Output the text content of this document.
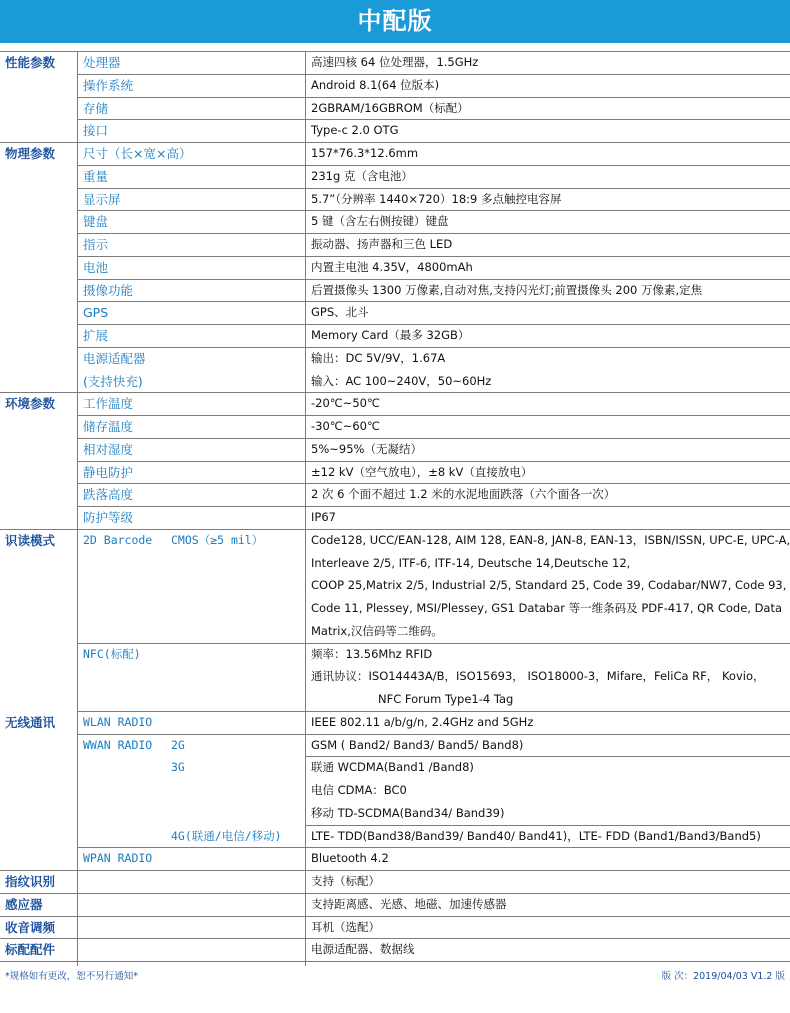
中配版
性能参数 处理器	高速四核 64 位处理器，1.5GHz
操作系统	Android 8.1(64 位版本)
存储	2GBRAM/16GBROM（标配）
接口	Type-c 2.0 OTG
物理参数 尺寸（长×宽×高）	157*76.3*12.6mm
重量	231g 克（含电池）
显示屏	5.7”（分辨率 1440×720）18:9 多点触控电容屏
键盘	5 键（含左右侧按键）键盘
指示	振动器、扬声器和三色 LED
电池	内置主电池 4.35V，4800mAh
摄像功能	后置摄像头 1300 万像素,自动对焦,支持闪光灯;前置摄像头 200 万像素,定焦
GPS	GPS、北斗
扩展	Memory Card（最多 32GB）
电源适配器	输出：DC 5V/9V，1.67A
(支持快充)	输入：AC 100~240V，50~60Hz
环境参数 工作温度	-20℃~50℃
储存温度	-30℃~60℃
相对湿度	5%~95%（无凝结）
静电防护	±12 kV（空气放电），±8 kV（直接放电）
跌落高度	2 次 6 个面不超过 1.2 米的水泥地面跌落（六个面各一次）
防护等级	IP67
识读模式 2D Barcode CMOS（≥5 mil）	Code128, UCC/EAN-128, AIM 128, EAN-8, JAN-8, EAN-13，ISBN/ISSN, UPC-E, UPC-A,
Interleave 2/5, ITF-6, ITF-14, Deutsche 14,Deutsche 12,
COOP 25,Matrix 2/5, Industrial 2/5, Standard 25, Code 39, Codabar/NW7, Code 93,
Code 11, Plessey, MSI/Plessey, GS1 Databar 等一维条码及 PDF-417, QR Code, Data
Matrix,汉信码等二维码。
NFC(标配)	频率：13.56Mhz RFID
通讯协议：ISO14443A/B，ISO15693， ISO18000-3，Mifare，FeliCa RF， Kovio，
NFC Forum Type1-4 Tag
无线通讯 WLAN RADIO	IEEE 802.11 a/b/g/n, 2.4GHz and 5GHz
WWAN RADIO 2G	GSM ( Band2/ Band3/ Band5/ Band8)
3G	联通 WCDMA(Band1 /Band8)
电信 CDMA：BC0
移动 TD-SCDMA(Band34/ Band39)
4G(联通/电信/移动)	LTE- TDD(Band38/Band39/ Band40/ Band41)，LTE- FDD (Band1/Band3/Band5)
WPAN RADIO	Bluetooth 4.2
指纹识别	支持（标配）
感应器	支持距离感、光感、地磁、加速传感器
收音调频	耳机（选配）
标配配件	电源适配器、数据线
*规格如有更改，恕不另行通知*	版 次：2019/04/03 V1.2 版
